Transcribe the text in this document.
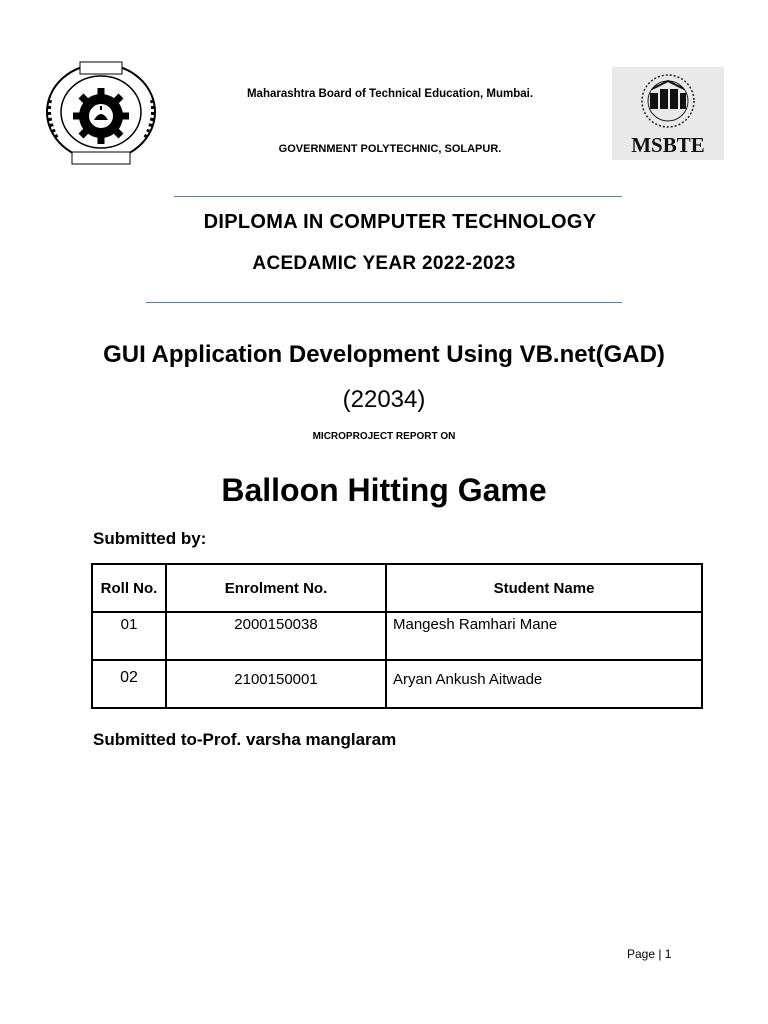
Maharashtra Board of Technical Education, Mumbai.
GOVERNMENT POLYTECHNIC, SOLAPUR.	MSBTE
DIPLOMA IN COMPUTER TECHNOLOGY
ACEDAMIC YEAR 2022-2023
GUI Application Development Using VB.net(GAD)
(22034)
MICROPROJECT REPORT ON
Balloon Hitting Game
Submitted by:
Roll No.	Enrolment No.	Student Name
01	2000150038	Mangesh Ramhari Mane
02	2100150001	Aryan Ankush Aitwade
Submitted to-Prof. varsha manglaram
Page | 1
